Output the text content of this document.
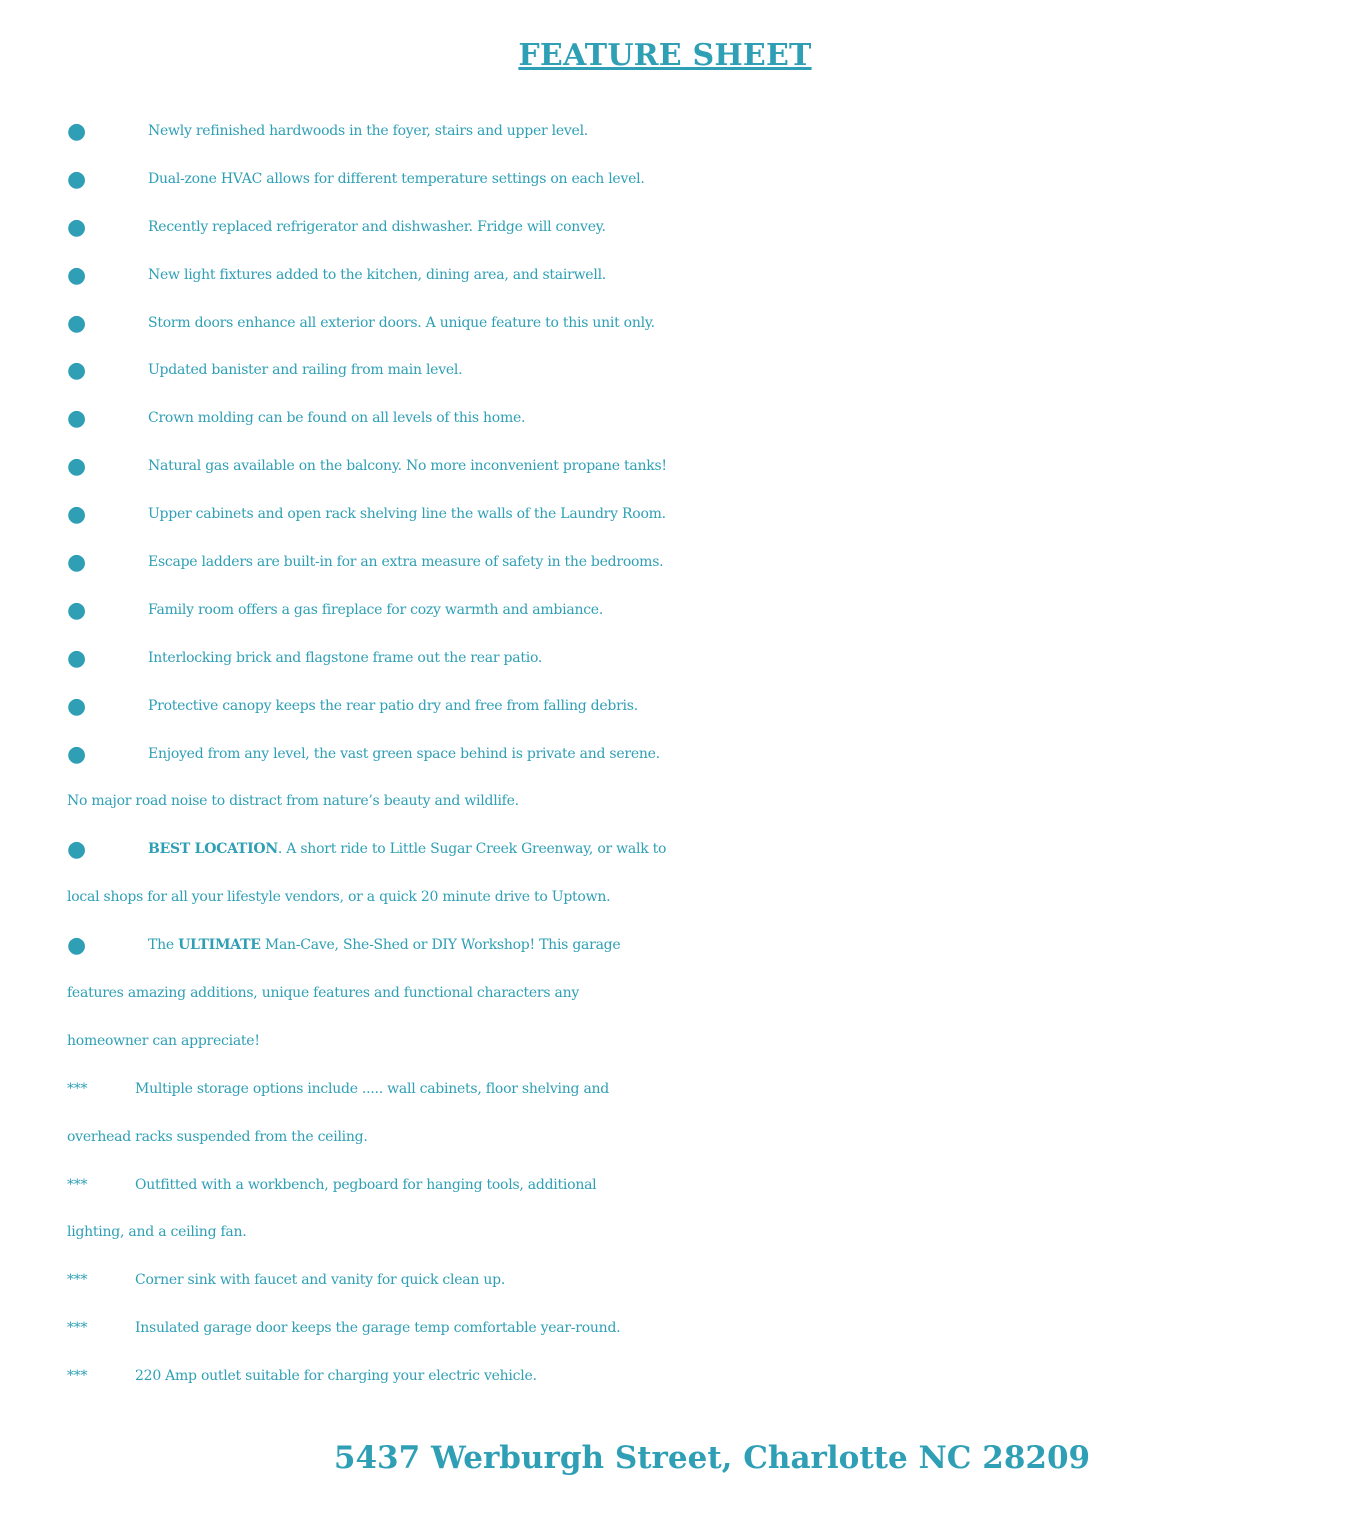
FEATURE SHEET
●	Newly refinished hardwoods in the foyer, stairs and upper level.
●	Dual-zone HVAC allows for different temperature settings on each level.
●	Recently replaced refrigerator and dishwasher. Fridge will convey.
●	New light fixtures added to the kitchen, dining area, and stairwell.
●	Storm doors enhance all exterior doors. A unique feature to this unit only.
●	Updated banister and railing from main level.
●	Crown molding can be found on all levels of this home.
●	Natural gas available on the balcony. No more inconvenient propane tanks!
●	Upper cabinets and open rack shelving line the walls of the Laundry Room.
●	Escape ladders are built-in for an extra measure of safety in the bedrooms.
●	Family room offers a gas fireplace for cozy warmth and ambiance.
●	Interlocking brick and flagstone frame out the rear patio.
●	Protective canopy keeps the rear patio dry and free from falling debris.
●	Enjoyed from any level, the vast green space behind is private and serene.
No major road noise to distract from nature’s beauty and wildlife.
●	BEST LOCATION. A short ride to Little Sugar Creek Greenway, or walk to
local shops for all your lifestyle vendors, or a quick 20 minute drive to Uptown.
●	The ULTIMATE Man-Cave, She-Shed or DIY Workshop! This garage
features amazing additions, unique features and functional characters any
homeowner can appreciate!
***	Multiple storage options include ..... wall cabinets, floor shelving and
overhead racks suspended from the ceiling.
***	Outfitted with a workbench, pegboard for hanging tools, additional
lighting, and a ceiling fan.
***	Corner sink with faucet and vanity for quick clean up.
***	Insulated garage door keeps the garage temp comfortable year-round.
***	220 Amp outlet suitable for charging your electric vehicle.
5437 Werburgh Street, Charlotte NC 28209
